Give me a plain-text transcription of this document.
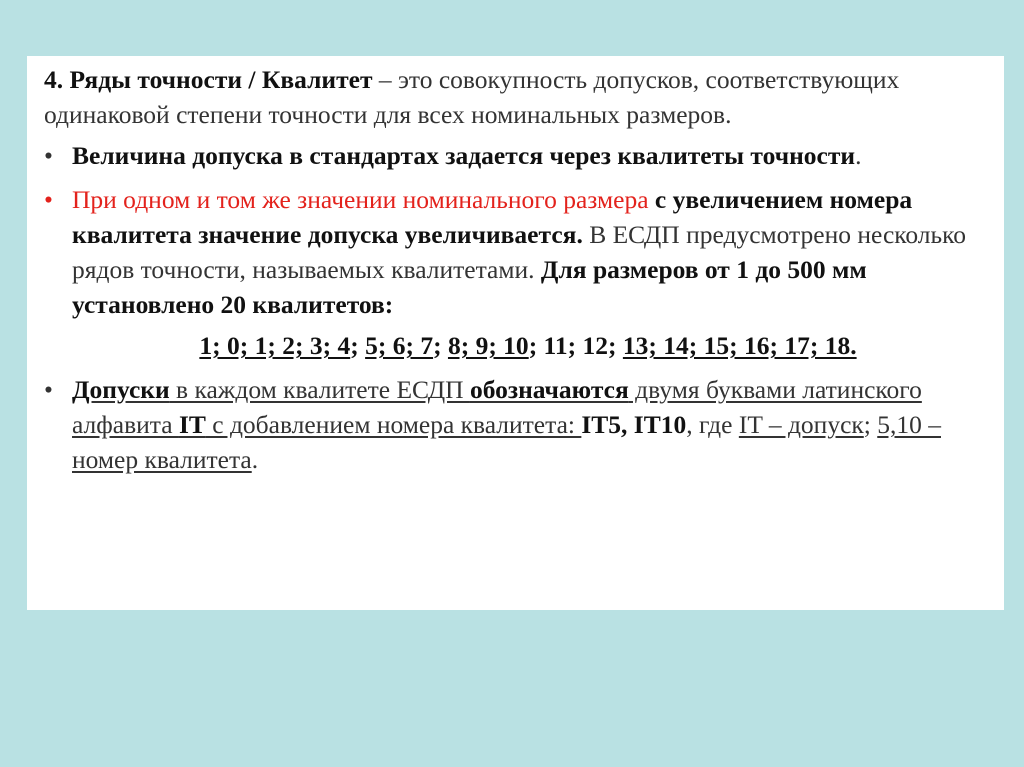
4. Ряды точности / Квалитет – это совокупность допусков, соответствующих одинаковой степени точности для всех номинальных размеров.

• Величина допуска в стандартах задается через квалитеты точности.

• При одном и том же значении номинального размера с увеличением номера квалитета значение допуска увеличивается. В ЕСДП предусмотрено несколько рядов точности, называемых квалитетами. Для размеров от 1 до 500 мм установлено 20 квалитетов:

1; 0; 1; 2; 3; 4; 5; 6; 7; 8; 9; 10; 11; 12; 13; 14; 15; 16; 17; 18.

• Допуски в каждом квалитете ЕСДП обозначаются двумя буквами латинского алфавита IT с добавлением номера квалитета: IT5, IT10, где IT – допуск; 5,10 – номер квалитета.
